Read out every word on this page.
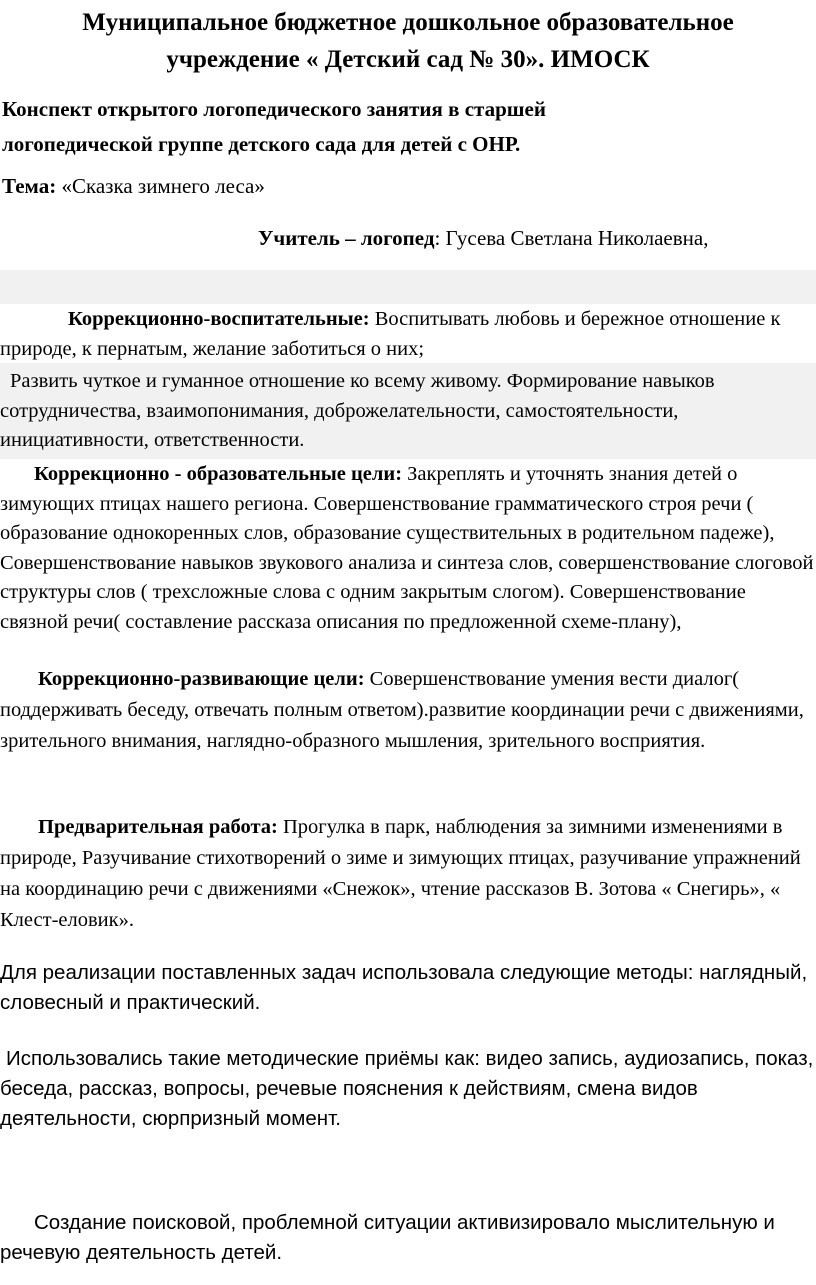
Муниципальное бюджетное дошкольное образовательное
учреждение « Детский сад № 30». ИМОСК
Конспект открытого логопедического занятия в старшей
логопедической группе детского сада для детей с ОНР.
Тема: «Сказка зимнего леса»
Учитель – логопед: Гусева Светлана Николаевна,
Коррекционно-воспитательные: Воспитывать любовь и бережное отношение к природе, к пернатым, желание заботиться о них;
Развить чуткое и гуманное отношение ко всему живому. Формирование навыков сотрудничества, взаимопонимания, доброжелательности, самостоятельности, инициативности, ответственности.
Коррекционно - образовательные цели: Закреплять и уточнять знания детей о зимующих птицах нашего региона. Совершенствование грамматического строя речи ( образование однокоренных слов, образование существительных в родительном падеже), Совершенствование навыков звукового анализа и синтеза слов, совершенствование слоговой структуры слов ( трехсложные слова с одним закрытым слогом). Совершенствование связной речи( составление рассказа описания по предложенной схеме-плану),
Коррекционно-развивающие цели: Совершенствование умения вести диалог( поддерживать беседу, отвечать полным ответом).развитие координации речи с движениями, зрительного внимания, наглядно-образного мышления, зрительного восприятия.
Предварительная работа: Прогулка в парк, наблюдения за зимними изменениями в природе, Разучивание стихотворений о зиме и зимующих птицах, разучивание упражнений на координацию речи с движениями «Снежок», чтение рассказов В. Зотова « Снегирь», « Клест-еловик».
Для реализации поставленных задач использовала следующие методы: наглядный, словесный и практический.
Использовались такие методические приёмы как: видео запись, аудиозапись, показ, беседа, рассказ, вопросы, речевые пояснения к действиям, смена видов деятельности, сюрпризный момент.
Создание поисковой, проблемной ситуации активизировало мыслительную и речевую деятельность детей.
